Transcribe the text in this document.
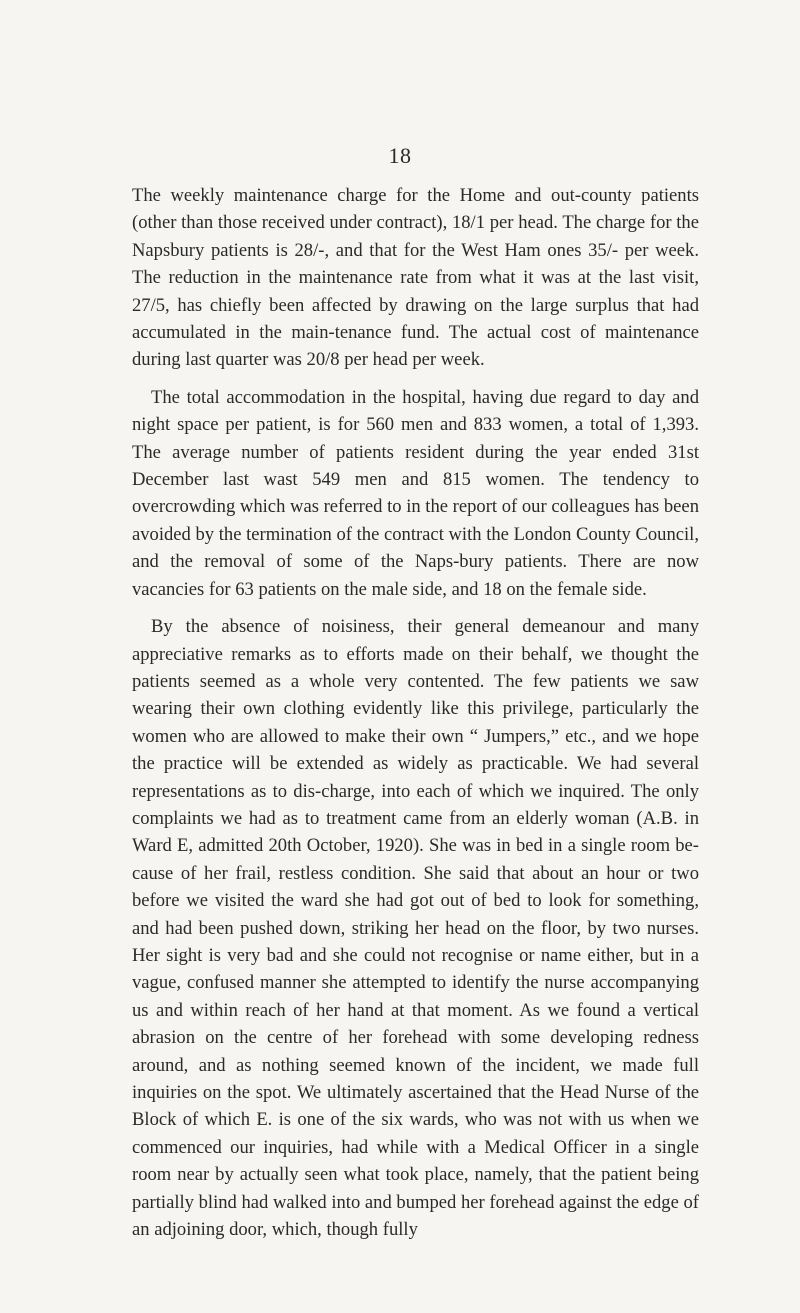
18

The weekly maintenance charge for the Home and out-county patients (other than those received under contract), 18/1 per head. The charge for the Napsbury patients is 28/-, and that for the West Ham ones 35/- per week. The reduction in the maintenance rate from what it was at the last visit, 27/5, has chiefly been affected by drawing on the large surplus that had accumulated in the main-tenance fund. The actual cost of maintenance during last quarter was 20/8 per head per week.

The total accommodation in the hospital, having due regard to day and night space per patient, is for 560 men and 833 women, a total of 1,393. The average number of patients resident during the year ended 31st December last wast 549 men and 815 women. The tendency to overcrowding which was referred to in the report of our colleagues has been avoided by the termination of the contract with the London County Council, and the removal of some of the Naps-bury patients. There are now vacancies for 63 patients on the male side, and 18 on the female side.

By the absence of noisiness, their general demeanour and many appreciative remarks as to efforts made on their behalf, we thought the patients seemed as a whole very contented. The few patients we saw wearing their own clothing evidently like this privilege, particularly the women who are allowed to make their own “ Jumpers,” etc., and we hope the practice will be extended as widely as practicable. We had several representations as to dis-charge, into each of which we inquired. The only complaints we had as to treatment came from an elderly woman (A.B. in Ward E, admitted 20th October, 1920). She was in bed in a single room be-cause of her frail, restless condition. She said that about an hour or two before we visited the ward she had got out of bed to look for something, and had been pushed down, striking her head on the floor, by two nurses. Her sight is very bad and she could not recognise or name either, but in a vague, confused manner she attempted to identify the nurse accompanying us and within reach of her hand at that moment. As we found a vertical abrasion on the centre of her forehead with some developing redness around, and as nothing seemed known of the incident, we made full inquiries on the spot. We ultimately ascertained that the Head Nurse of the Block of which E. is one of the six wards, who was not with us when we commenced our inquiries, had while with a Medical Officer in a single room near by actually seen what took place, namely, that the patient being partially blind had walked into and bumped her forehead against the edge of an adjoining door, which, though fully
